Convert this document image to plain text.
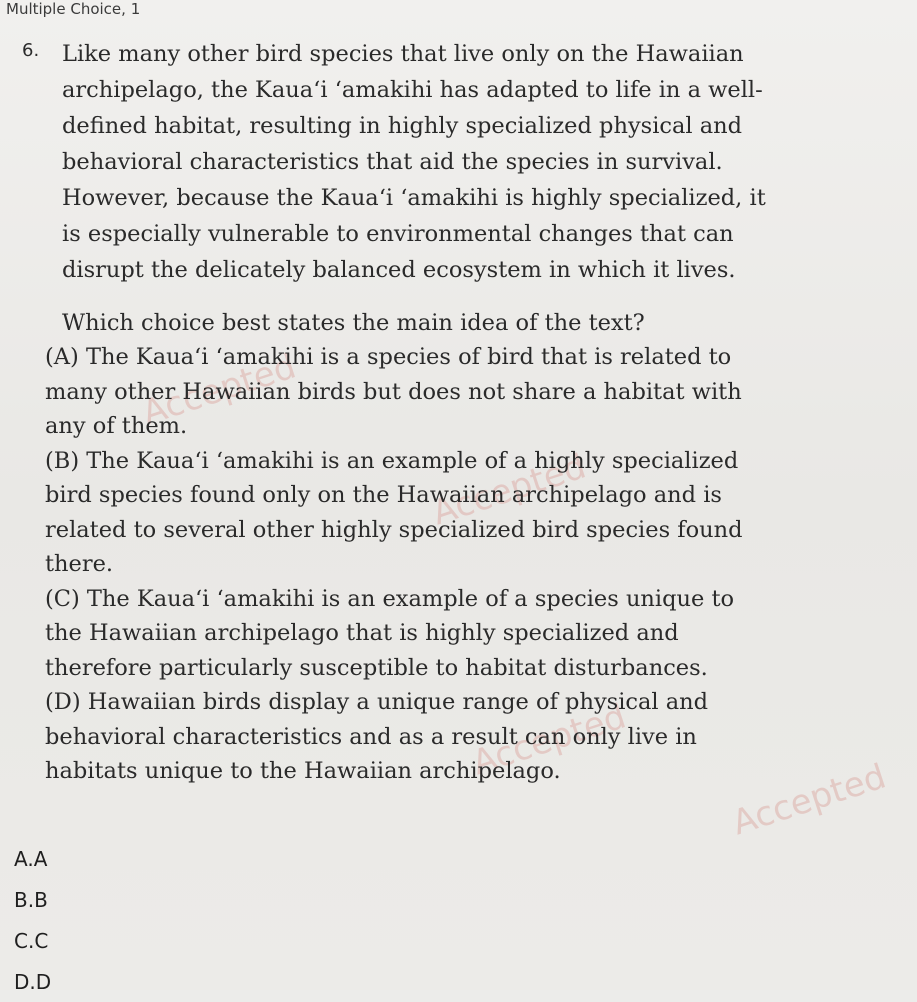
Accepted
Accepted
Accepted
Accepted
Multiple Choice, 1
6. Like many other bird species that live only on the Hawaiian
archipelago, the Kaua‘i ‘amakihi has adapted to life in a well-
defined habitat, resulting in highly specialized physical and
behavioral characteristics that aid the species in survival.
However, because the Kaua‘i ‘amakihi is highly specialized, it
is especially vulnerable to environmental changes that can
disrupt the delicately balanced ecosystem in which it lives.
Which choice best states the main idea of the text?

(A) The Kaua‘i ‘amakihi is a species of bird that is related to
many other Hawaiian birds but does not share a habitat with
any of them.

(B) The Kaua‘i ‘amakihi is an example of a highly specialized
bird species found only on the Hawaiian archipelago and is
related to several other highly specialized bird species found
there.

(C) The Kaua‘i ‘amakihi is an example of a species unique to
the Hawaiian archipelago that is highly specialized and
therefore particularly susceptible to habitat disturbances.

(D) Hawaiian birds display a unique range of physical and
behavioral characteristics and as a result can only live in
habitats unique to the Hawaiian archipelago.

A.A
B.B
C.C
D.D
